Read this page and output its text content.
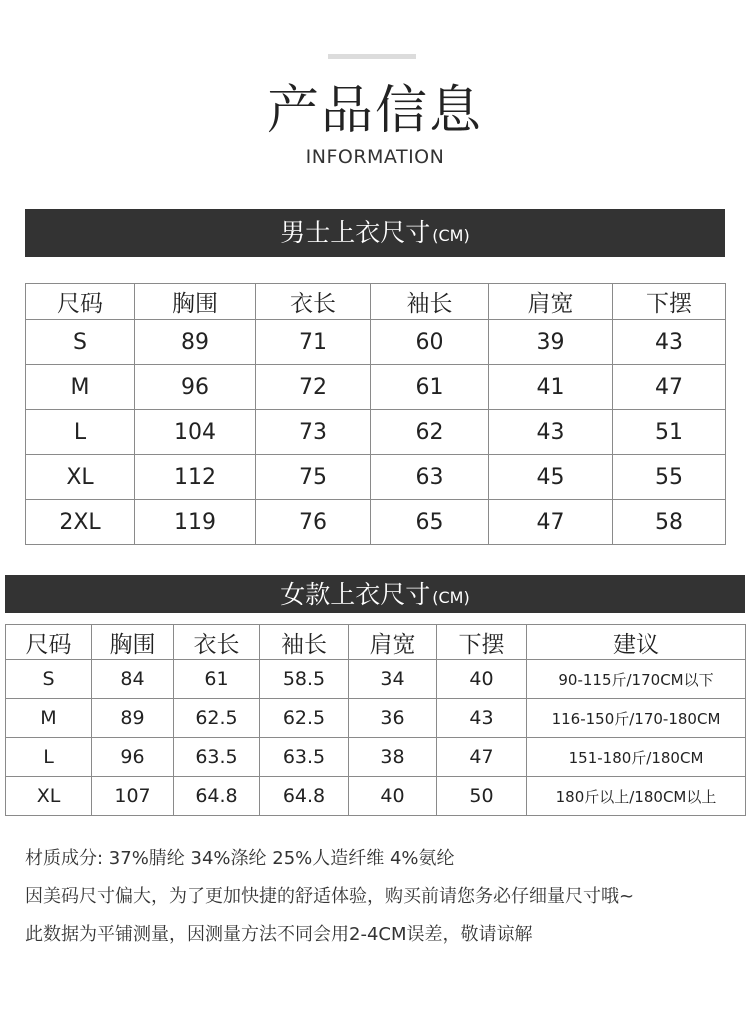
产品信息
INFORMATION
男士上衣尺寸 (CM)
尺码	胸围	衣长	袖长	肩宽	下摆
S	89	71	60	39	43
M	96	72	61	41	47
L	104	73	62	43	51
XL	112	75	63	45	55
2XL	119	76	65	47	58
女款上衣尺寸 (CM)
尺码	胸围	衣长	袖长	肩宽	下摆	建议
S	84	61	58.5	34	40	90-115斤/170CM以下
M	89	62.5	62.5	36	43	116-150斤/170-180CM
L	96	63.5	63.5	38	47	151-180斤/180CM
XL	107	64.8	64.8	40	50	180斤以上/180CM以上
材质成分: 37%腈纶 34%涤纶 25%人造纤维 4%氨纶
因美码尺寸偏大，为了更加快捷的舒适体验，购买前请您务必仔细量尺寸哦~
此数据为平铺测量，因测量方法不同会用2-4CM误差，敬请谅解
